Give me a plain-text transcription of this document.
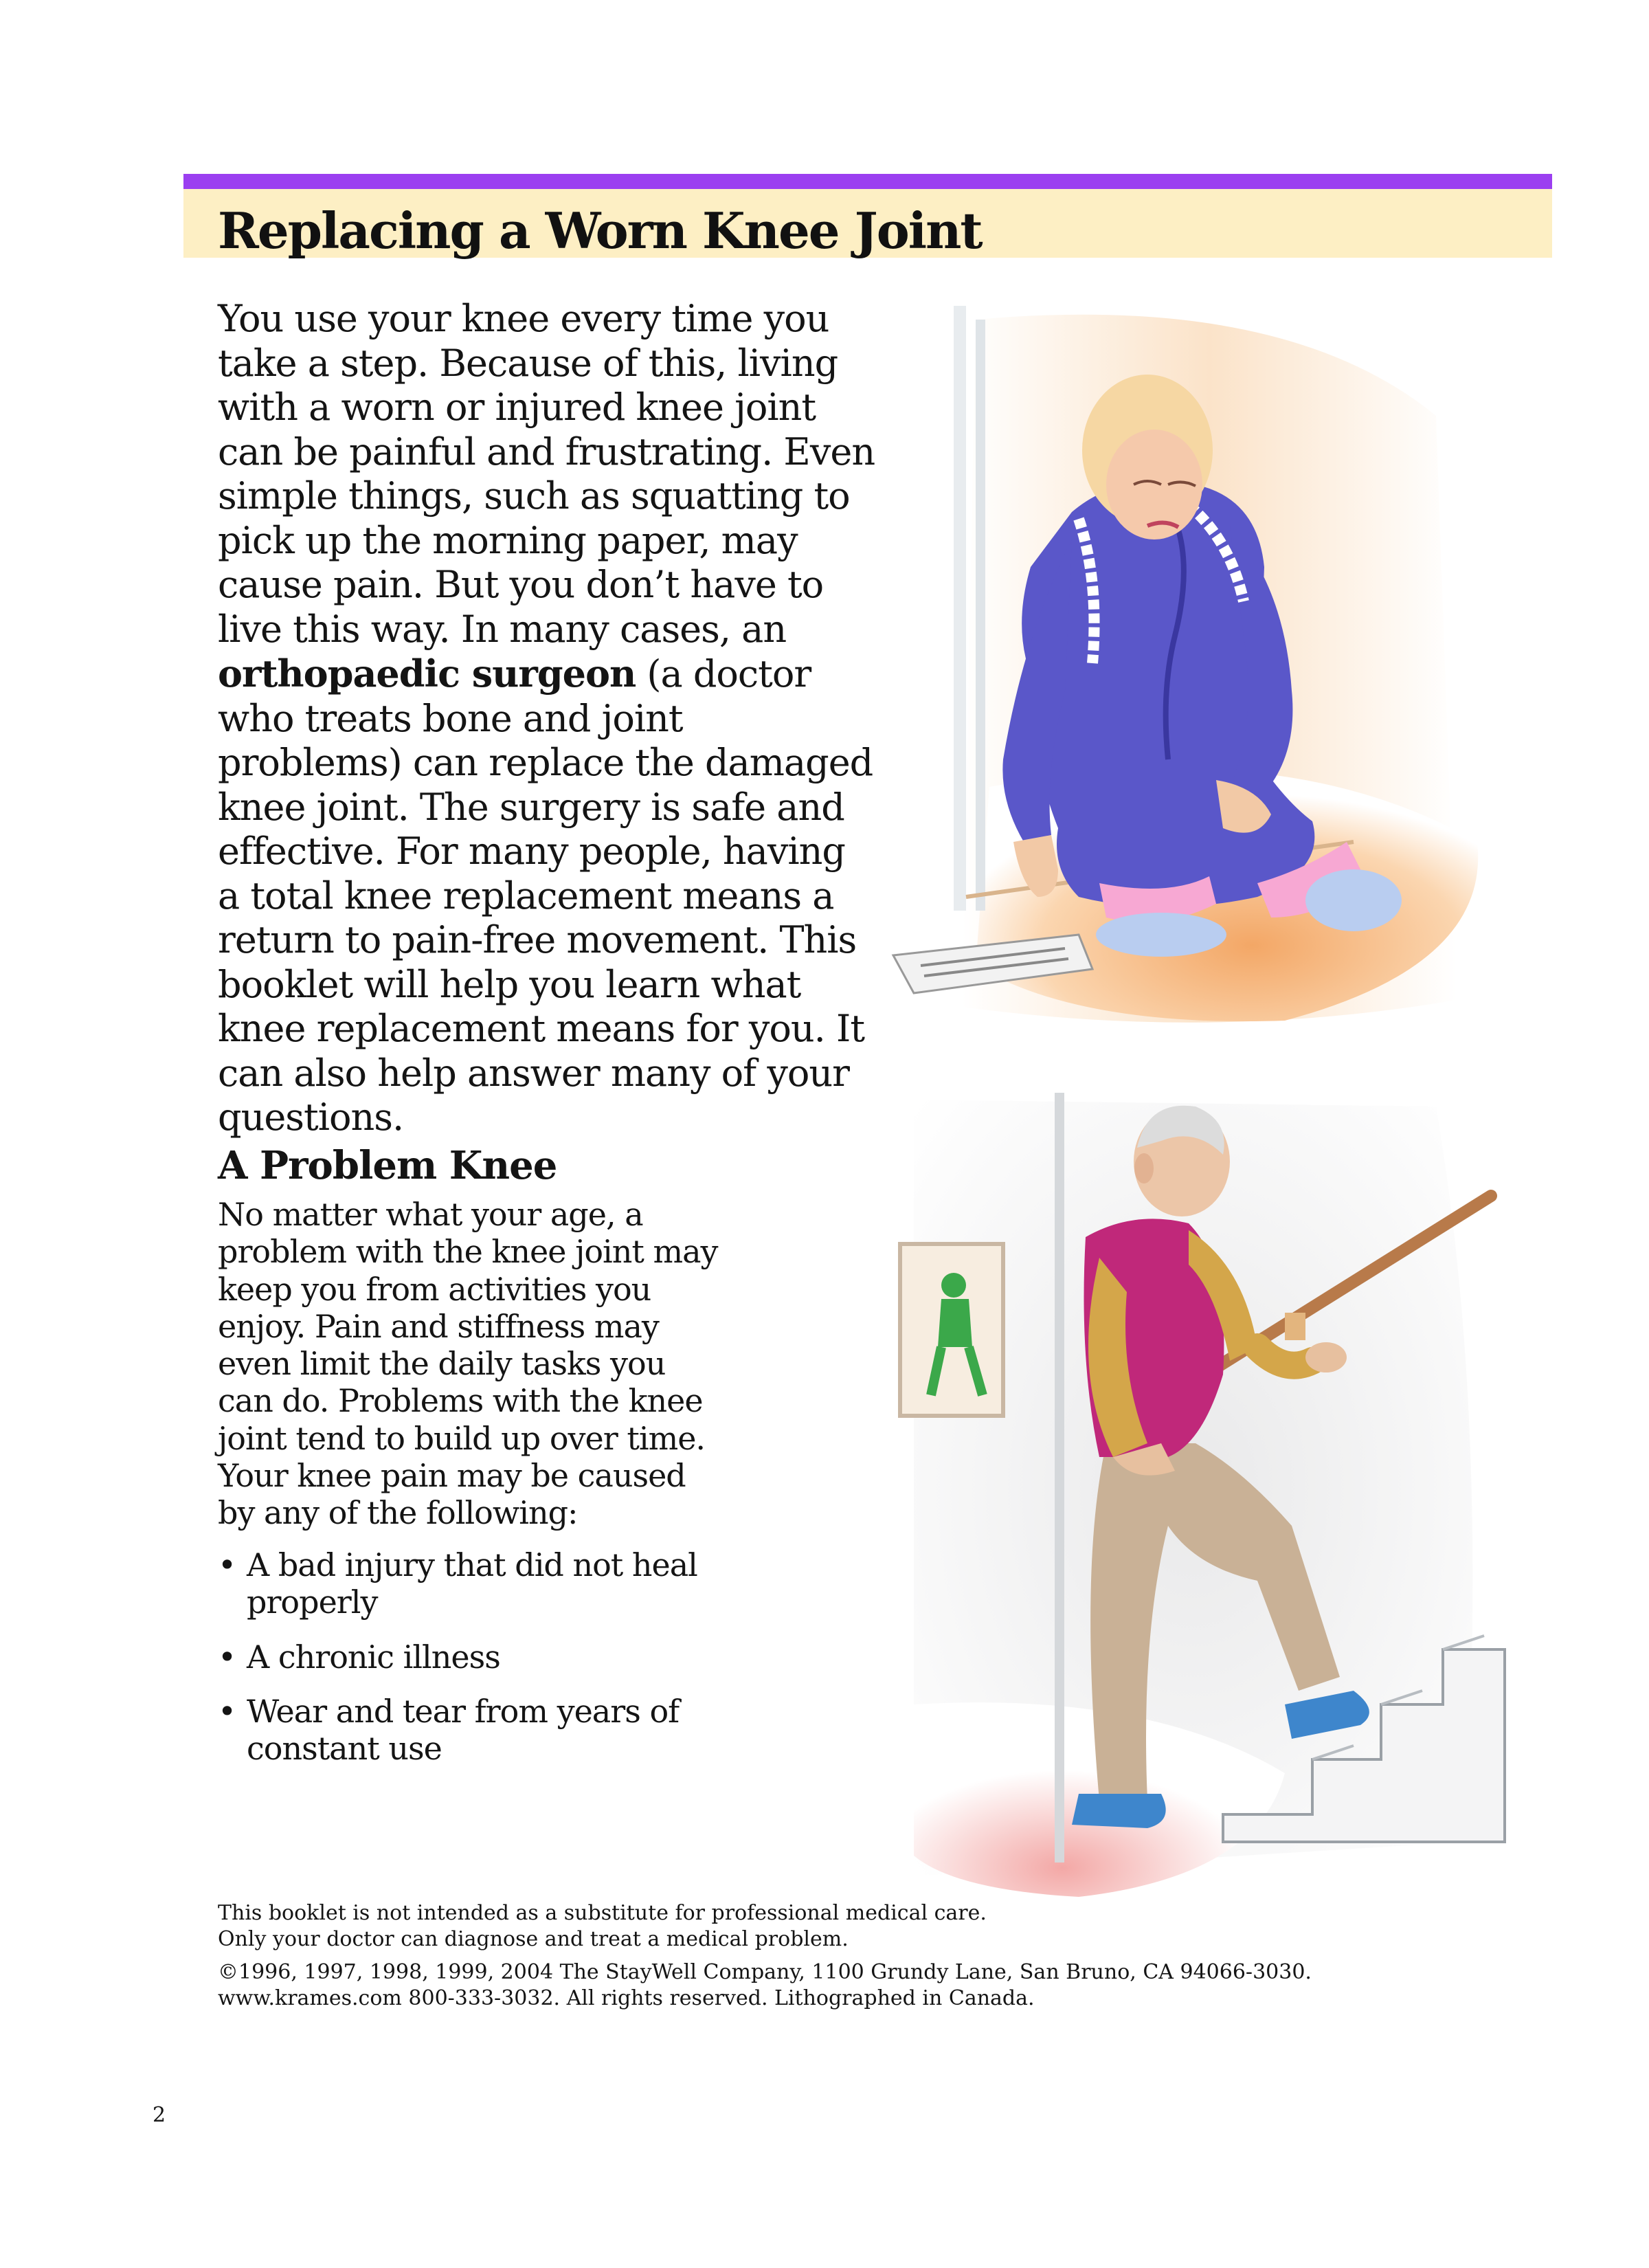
Replacing a Worn Knee Joint

You use your knee every time you take a step. Because of this, living with a worn or injured knee joint can be painful and frustrating. Even simple things, such as squatting to pick up the morning paper, may cause pain. But you don’t have to live this way. In many cases, an orthopaedic surgeon (a doctor who treats bone and joint problems) can replace the damaged knee joint. The surgery is safe and effective. For many people, having a total knee replacement means a return to pain-free movement. This booklet will help you learn what knee replacement means for you. It can also help answer many of your questions.

A Problem Knee

No matter what your age, a problem with the knee joint may keep you from activities you enjoy. Pain and stiffness may even limit the daily tasks you can do. Problems with the knee joint tend to build up over time. Your knee pain may be caused by any of the following:

• A bad injury that did not heal properly
• A chronic illness
• Wear and tear from years of constant use

This booklet is not intended as a substitute for professional medical care.

Only your doctor can diagnose and treat a medical problem.

©1996, 1997, 1998, 1999, 2004 The StayWell Company, 1100 Grundy Lane, San Bruno, CA 94066-3030.

www.krames.com 800-333-3032. All rights reserved. Lithographed in Canada.

2
